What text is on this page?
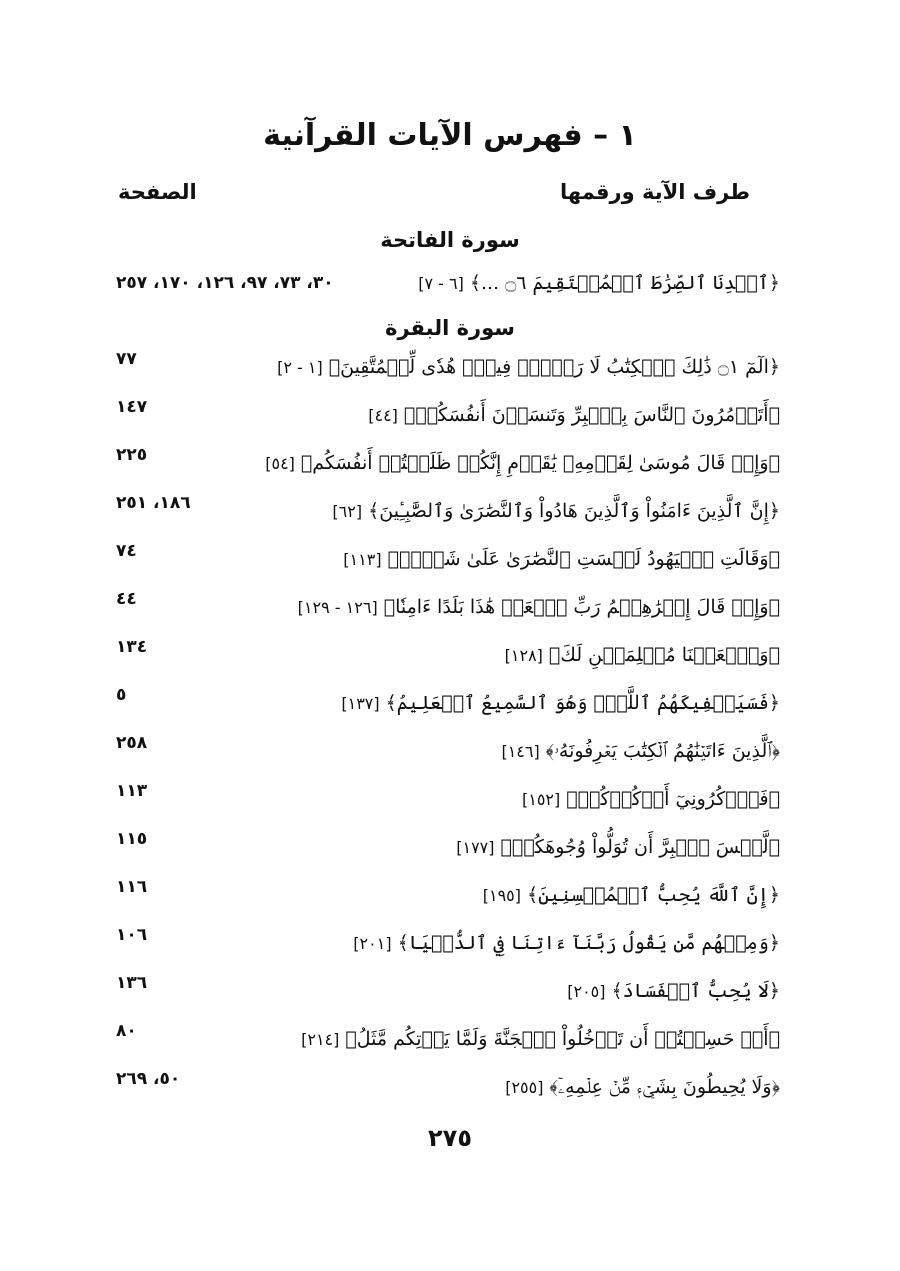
١ – فهرس الآيات القرآنية
طرف الآية ورقمها
الصفحة
سورة الفاتحة
﴿ٱهۡدِنَا ٱلصِّرَٰطَ ٱلۡمُسۡتَقِيمَ ۝٦ ...﴾[٦ - ٧]
٣٠، ٧٣، ٩٧، ١٢٦، ١٧٠، ٢٥٧
سورة البقرة
﴿الٓمٓ ۝١ ذَٰلِكَ ٱلۡكِتَٰبُ لَا رَيۡبَۛ فِيهِۛ هُدٗى لِّلۡمُتَّقِينَ﴾[١ - ٢]
٧٧
﴿أَتَأۡمُرُونَ ٱلنَّاسَ بِٱلۡبِرِّ وَتَنسَوۡنَ أَنفُسَكُمۡ﴾[٤٤]
١٤٧
﴿وَإِذۡ قَالَ مُوسَىٰ لِقَوۡمِهِۦ يَٰقَوۡمِ إِنَّكُمۡ ظَلَمۡتُمۡ أَنفُسَكُم﴾[٥٤]
٢٢٥
﴿إِنَّ ٱلَّذِينَ ءَامَنُواْ وَٱلَّذِينَ هَادُواْ وَٱلنَّصَٰرَىٰ وَٱلصَّٰبِـِٔينَ﴾[٦٢]
١٨٦، ٢٥١
﴿وَقَالَتِ ٱلۡيَهُودُ لَيۡسَتِ ٱلنَّصَٰرَىٰ عَلَىٰ شَيۡءٖ﴾[١١٣]
٧٤
﴿وَإِذۡ قَالَ إِبۡرَٰهِـۧمُ رَبِّ ٱجۡعَلۡ هَٰذَا بَلَدًا ءَامِنٗا﴾[١٢٦ - ١٢٩]
٤٤
﴿وَٱجۡعَلۡنَا مُسۡلِمَيۡنِ لَكَ﴾[١٢٨]
١٣٤
﴿فَسَيَكۡفِيكَهُمُ ٱللَّهُۚ وَهُوَ ٱلسَّمِيعُ ٱلۡعَلِيمُ﴾[١٣٧]
٥
﴿ٱلَّذِينَ ءَاتَيۡنَٰهُمُ ٱلۡكِتَٰبَ يَعۡرِفُونَهُۥ﴾[١٤٦]
٢٥٨
﴿فَٱذۡكُرُونِيٓ أَذۡكُرۡكُمۡ﴾[١٥٢]
١١٣
﴿لَّيۡسَ ٱلۡبِرَّ أَن تُوَلُّواْ وُجُوهَكُمۡ﴾[١٧٧]
١١٥
﴿إِنَّ ٱللَّهَ يُحِبُّ ٱلۡمُحۡسِنِينَ﴾[١٩٥]
١١٦
﴿وَمِنۡهُم مَّن يَقُولُ رَبَّنَآ ءَاتِنَا فِي ٱلدُّنۡيَا﴾[٢٠١]
١٠٦
﴿لَا يُحِبُّ ٱلۡفَسَادَ﴾[٢٠٥]
١٣٦
﴿أَمۡ حَسِبۡتُمۡ أَن تَدۡخُلُواْ ٱلۡجَنَّةَ وَلَمَّا يَأۡتِكُم مَّثَلُ﴾[٢١٤]
٨٠
﴿وَلَا يُحِيطُونَ بِشَيۡءٖ مِّنۡ عِلۡمِهِۦٓ﴾[٢٥٥]
٥٠، ٢٦٩
٢٧٥
